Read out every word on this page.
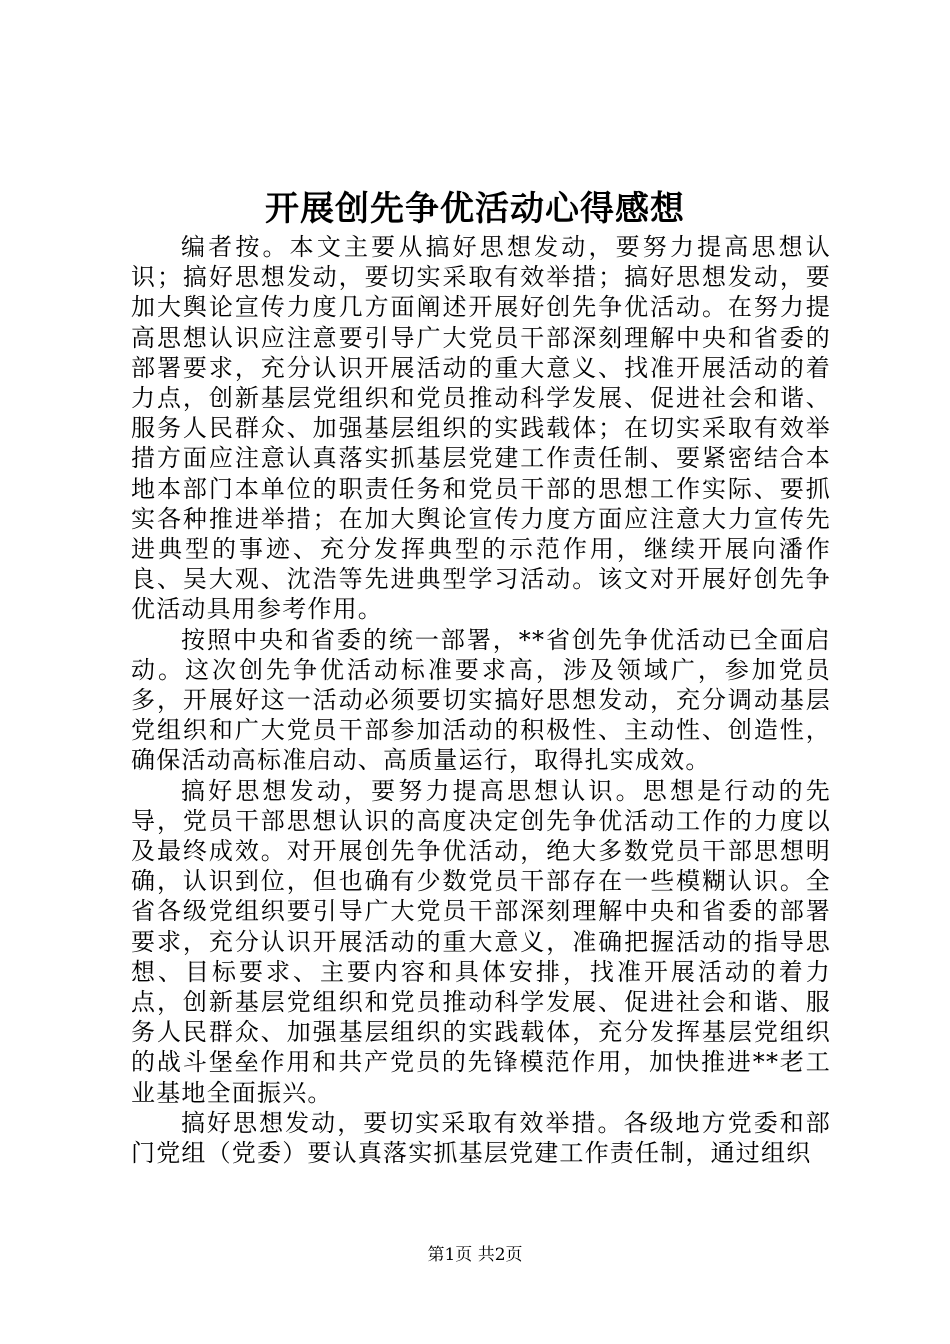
开展创先争优活动心得感想

编者按。本文主要从搞好思想发动，要努力提高思想认识；搞好思想发动，要切实采取有效举措；搞好思想发动，要加大舆论宣传力度几方面阐述开展好创先争优活动。在努力提高思想认识应注意要引导广大党员干部深刻理解中央和省委的部署要求，充分认识开展活动的重大意义、找准开展活动的着力点，创新基层党组织和党员推动科学发展、促进社会和谐、服务人民群众、加强基层组织的实践载体；在切实采取有效举措方面应注意认真落实抓基层党建工作责任制、要紧密结合本地本部门本单位的职责任务和党员干部的思想工作实际、要抓实各种推进举措；在加大舆论宣传力度方面应注意大力宣传先进典型的事迹、充分发挥典型的示范作用，继续开展向潘作良、吴大观、沈浩等先进典型学习活动。该文对开展好创先争优活动具用参考作用。

按照中央和省委的统一部署，**省创先争优活动已全面启动。这次创先争优活动标准要求高，涉及领域广，参加党员多，开展好这一活动必须要切实搞好思想发动，充分调动基层党组织和广大党员干部参加活动的积极性、主动性、创造性，确保活动高标准启动、高质量运行，取得扎实成效。

搞好思想发动，要努力提高思想认识。思想是行动的先导，党员干部思想认识的高度决定创先争优活动工作的力度以及最终成效。对开展创先争优活动，绝大多数党员干部思想明确，认识到位，但也确有少数党员干部存在一些模糊认识。全省各级党组织要引导广大党员干部深刻理解中央和省委的部署要求，充分认识开展活动的重大意义，准确把握活动的指导思想、目标要求、主要内容和具体安排，找准开展活动的着力点，创新基层党组织和党员推动科学发展、促进社会和谐、服务人民群众、加强基层组织的实践载体，充分发挥基层党组织的战斗堡垒作用和共产党员的先锋模范作用，加快推进**老工业基地全面振兴。

搞好思想发动，要切实采取有效举措。各级地方党委和部门党组（党委）要认真落实抓基层党建工作责任制，通过组织

第1页 共2页
